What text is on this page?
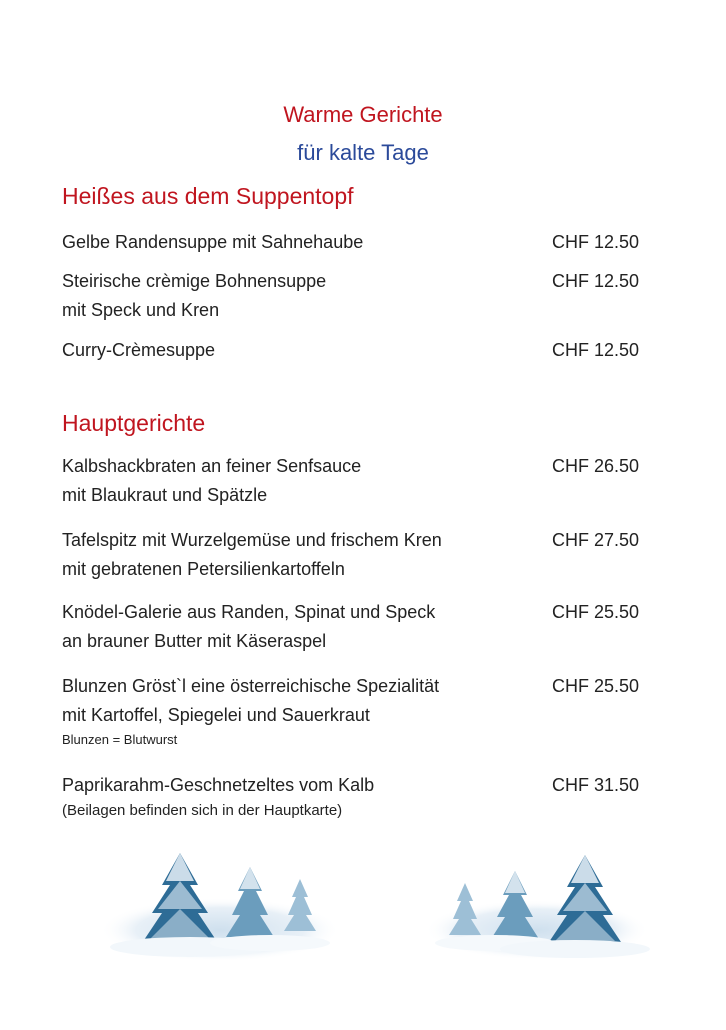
Warme Gerichte
für kalte Tage
Heißes aus dem Suppentopf
Gelbe Randensuppe mit Sahnehaube	CHF 12.50
Steirische crèmige Bohnensuppe
mit Speck und Kren
CHF 12.50
Curry-Crèmesuppe	CHF 12.50
Hauptgerichte
Kalbshackbraten an feiner Senfsauce
mit Blaukraut und Spätzle
CHF 26.50
Tafelspitz mit Wurzelgemüse und frischem Kren
mit gebratenen Petersilienkartoffeln
CHF 27.50
Knödel-Galerie aus Randen, Spinat und Speck
an brauner Butter mit Käseraspel
CHF 25.50
Blunzen Gröst`l eine österreichische Spezialität
mit Kartoffel, Spiegelei und Sauerkraut
Blunzen = Blutwurst
CHF 25.50
Paprikarahm-Geschnetzeltes vom Kalb
(Beilagen befinden sich in der Hauptkarte)
CHF 31.50
